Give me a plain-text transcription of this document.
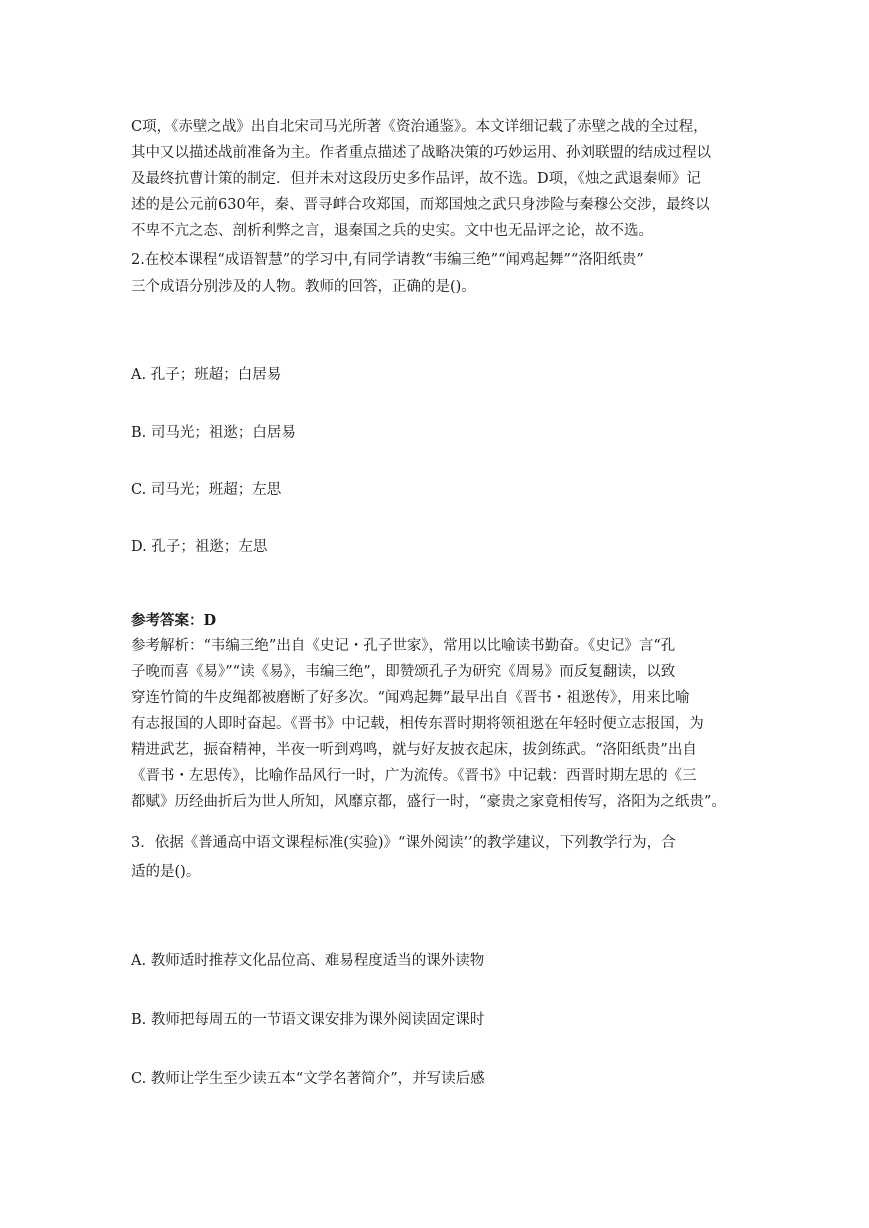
C项，《赤壁之战》出自北宋司马光所著《资治通鉴》。本文详细记载了赤壁之战的全过程，
其中又以描述战前准备为主。作者重点描述了战略决策的巧妙运用、孙刘联盟的结成过程以
及最终抗曹计策的制定．但并未对这段历史多作品评，故不选。D项，《烛之武退秦师》记
述的是公元前630年，秦、晋寻衅合攻郑国，而郑国烛之武只身涉险与秦穆公交涉，最终以
不卑不亢之态、剖析利弊之言，退秦国之兵的史实。文中也无品评之论，故不选。
2.在校本课程“成语智慧”的学习中,有同学请教“韦编三绝”“闻鸡起舞”“洛阳纸贵”
三个成语分别涉及的人物。教师的回答，正确的是()。
A. 孔子；班超；白居易
B. 司马光；祖逖；白居易
C. 司马光；班超；左思
D. 孔子；祖逖；左思
参考答案：D
参考解析：“韦编三绝”出自《史记・孔子世家》，常用以比喻读书勤奋。《史记》言“孔
子晚而喜《易》”“读《易》，韦编三绝”，即赞颂孔子为研究《周易》而反复翻读，以致
穿连竹简的牛皮绳都被磨断了好多次。“闻鸡起舞”最早出自《晋书・祖逖传》，用来比喻
有志报国的人即时奋起。《晋书》中记载，相传东晋时期将领祖逖在年轻时便立志报国，为
精进武艺，振奋精神，半夜一听到鸡鸣，就与好友披衣起床，拔剑练武。“洛阳纸贵”出自
《晋书・左思传》，比喻作品风行一时，广为流传。《晋书》中记载：西晋时期左思的《三
都赋》历经曲折后为世人所知，风靡京都，盛行一时，“豪贵之家竟相传写，洛阳为之纸贵”。
3．依据《普通高中语文课程标准(实验)》“课外阅读’’的教学建议，下列教学行为，合
适的是()。
A. 教师适时推荐文化品位高、难易程度适当的课外读物
B. 教师把每周五的一节语文课安排为课外阅读固定课时
C. 教师让学生至少读五本“文学名著简介”，并写读后感
